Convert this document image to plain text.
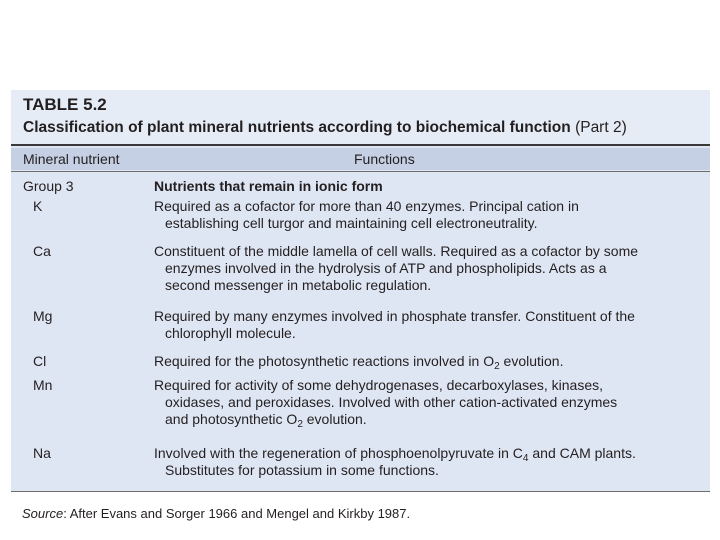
TABLE 5.2
Classification of plant mineral nutrients according to biochemical function (Part 2)
Mineral nutrient	Functions
Group 3	Nutrients that remain in ionic form
K	Required as a cofactor for more than 40 enzymes. Principal cation in
establishing cell turgor and maintaining cell electroneutrality.
Ca	Constituent of the middle lamella of cell walls. Required as a cofactor by some
enzymes involved in the hydrolysis of ATP and phospholipids. Acts as a
second messenger in metabolic regulation.
Mg	Required by many enzymes involved in phosphate transfer. Constituent of the
chlorophyll molecule.
Cl	Required for the photosynthetic reactions involved in $O_2$ evolution.
Mn	Required for activity of some dehydrogenases, decarboxylases, kinases,
oxidases, and peroxidases. Involved with other cation-activated enzymes
and photosynthetic $O_2$ evolution.
Na	Involved with the regeneration of phosphoenolpyruvate in $C_4$ and CAM plants.
Substitutes for potassium in some functions.
Source: After Evans and Sorger 1966 and Mengel and Kirkby 1987.
